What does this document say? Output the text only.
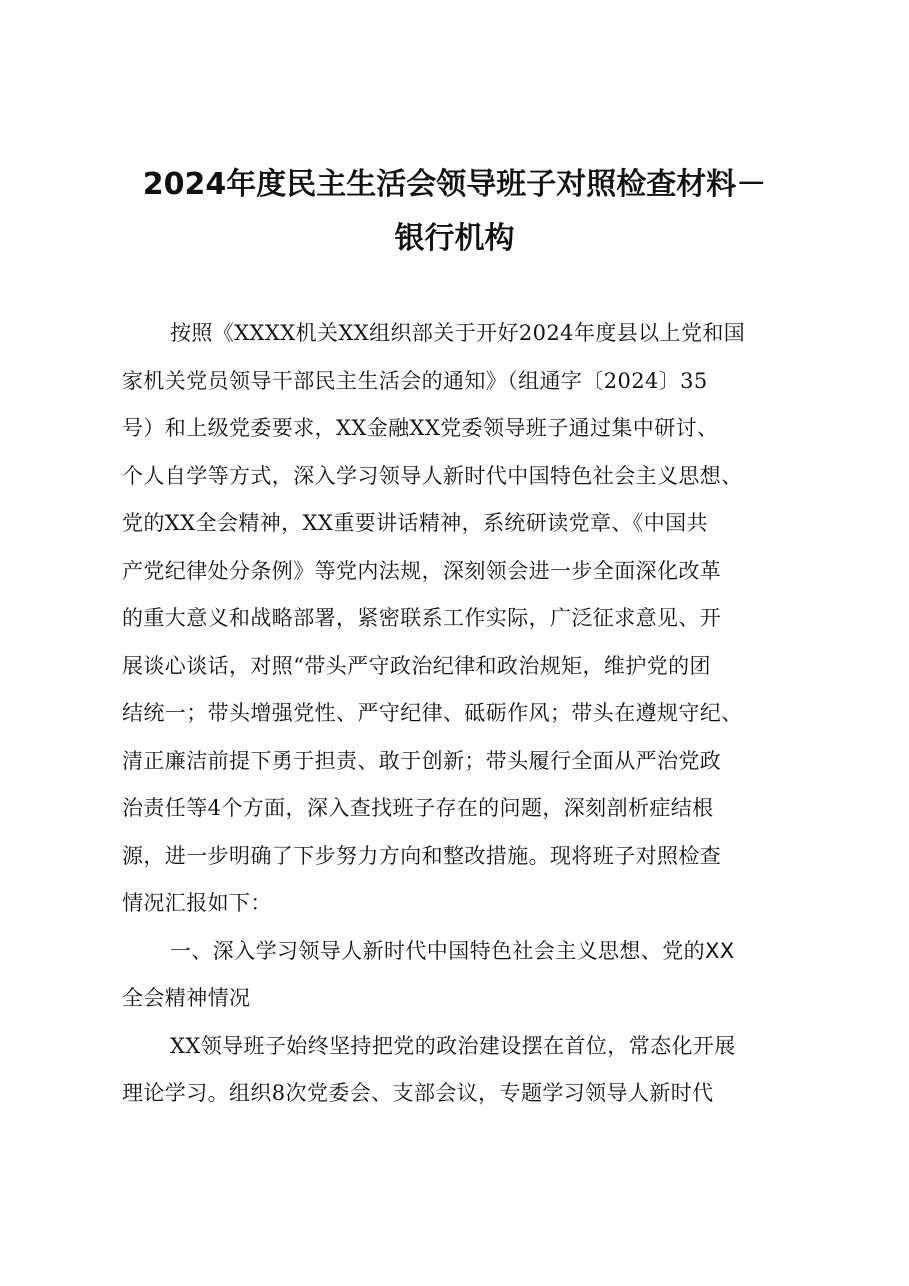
2024年度民主生活会领导班子对照检查材料－
银行机构
按照《XXXX机关XX组织部关于开好2024年度县以上党和国
家机关党员领导干部民主生活会的通知》（组通字〔2024〕35
号）和上级党委要求，XX金融XX党委领导班子通过集中研讨、
个人自学等方式，深入学习领导人新时代中国特色社会主义思想、
党的XX全会精神，XX重要讲话精神，系统研读党章、《中国共
产党纪律处分条例》等党内法规，深刻领会进一步全面深化改革
的重大意义和战略部署，紧密联系工作实际，广泛征求意见、开
展谈心谈话，对照“带头严守政治纪律和政治规矩，维护党的团
结统一；带头增强党性、严守纪律、砥砺作风；带头在遵规守纪、
清正廉洁前提下勇于担责、敢于创新；带头履行全面从严治党政
治责任等4个方面，深入查找班子存在的问题，深刻剖析症结根
源，进一步明确了下步努力方向和整改措施。现将班子对照检查
情况汇报如下：
一、深入学习领导人新时代中国特色社会主义思想、党的XX
全会精神情况
XX领导班子始终坚持把党的政治建设摆在首位，常态化开展
理论学习。组织8次党委会、支部会议，专题学习领导人新时代
